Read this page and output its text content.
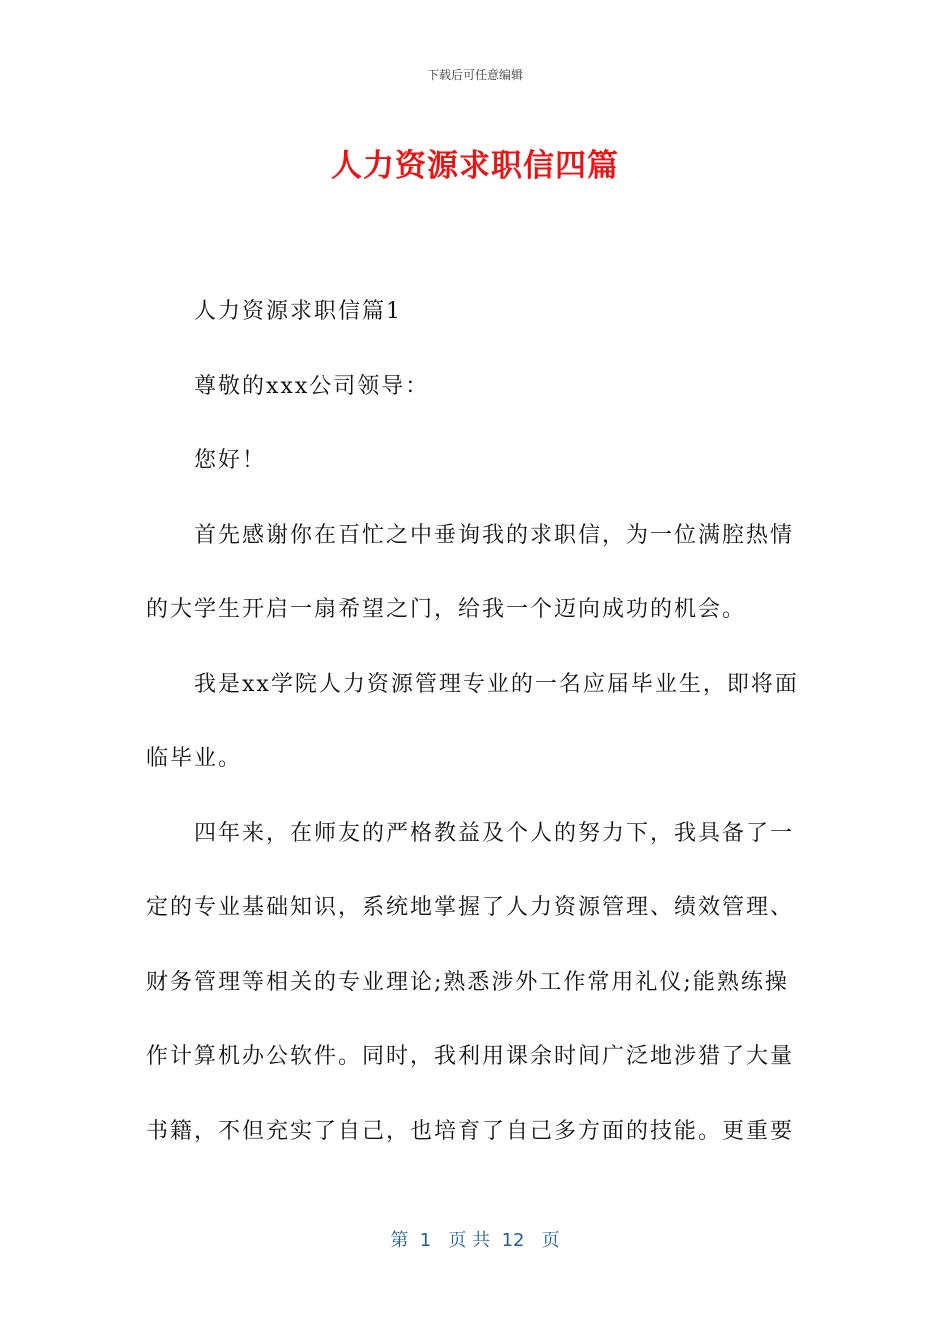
下载后可任意编辑
人力资源求职信四篇

人力资源求职信篇1

尊敬的xxx公司领导：

您好！

首先感谢你在百忙之中垂询我的求职信，为一位满腔热情的大学生开启一扇希望之门，给我一个迈向成功的机会。

我是xx学院人力资源管理专业的一名应届毕业生，即将面临毕业。

四年来，在师友的严格教益及个人的努力下，我具备了一定的专业基础知识，系统地掌握了人力资源管理、绩效管理、财务管理等相关的专业理论;熟悉涉外工作常用礼仪;能熟练操作计算机办公软件。同时，我利用课余时间广泛地涉猎了大量书籍，不但充实了自己，也培育了自己多方面的技能。更重要

第  1   页 共  12   页
